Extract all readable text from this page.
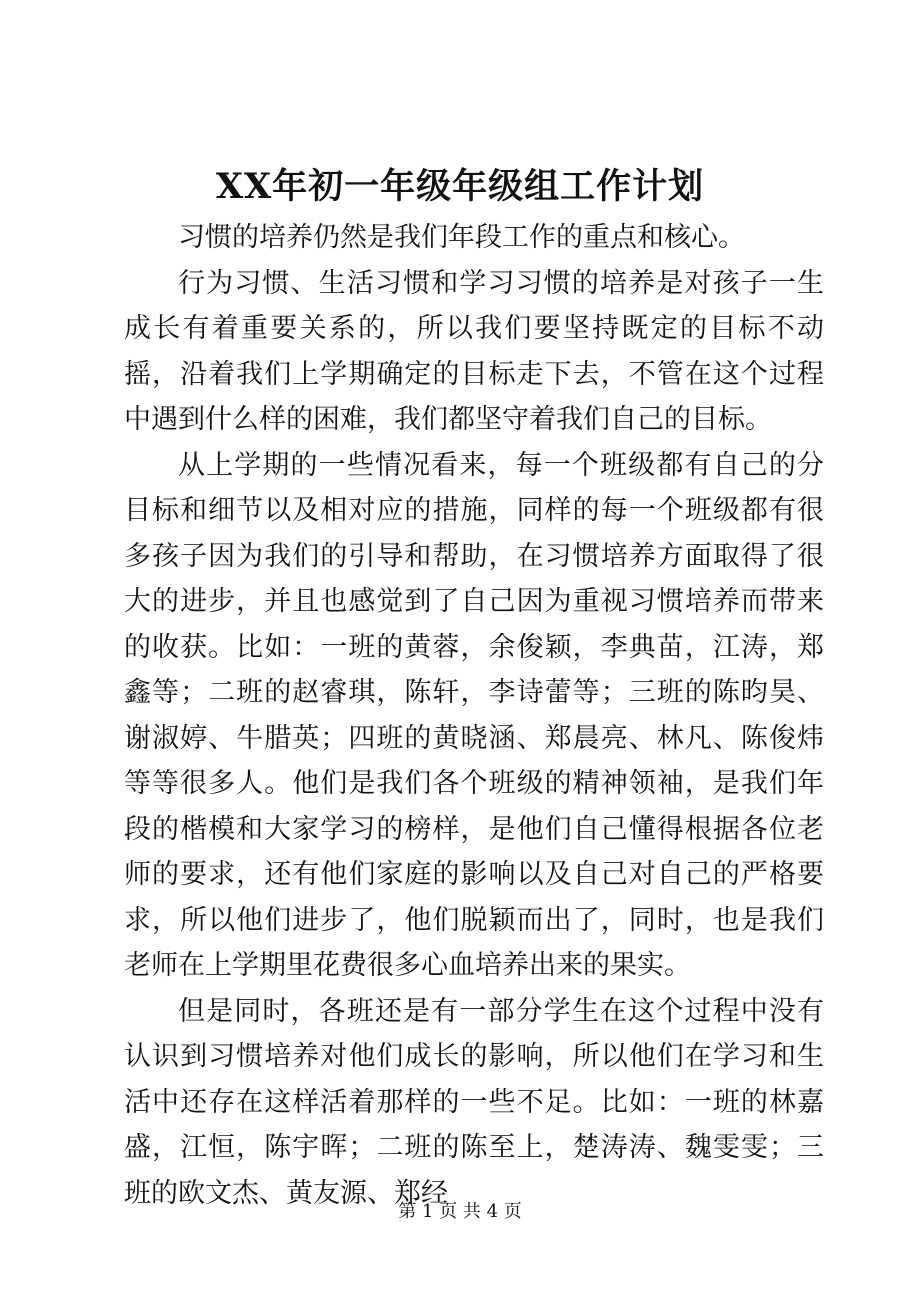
XX年初一年级年级组工作计划

习惯的培养仍然是我们年段工作的重点和核心。

行为习惯、生活习惯和学习习惯的培养是对孩子一生成长有着重要关系的，所以我们要坚持既定的目标不动摇，沿着我们上学期确定的目标走下去，不管在这个过程中遇到什么样的困难，我们都坚守着我们自己的目标。

从上学期的一些情况看来，每一个班级都有自己的分目标和细节以及相对应的措施，同样的每一个班级都有很多孩子因为我们的引导和帮助，在习惯培养方面取得了很大的进步，并且也感觉到了自己因为重视习惯培养而带来的收获。比如：一班的黄蓉，余俊颖，李典苗，江涛，郑鑫等；二班的赵睿琪，陈轩，李诗蕾等；三班的陈昀昊、谢淑婷、牛腊英；四班的黄晓涵、郑晨亮、林凡、陈俊炜等等很多人。他们是我们各个班级的精神领袖，是我们年段的楷模和大家学习的榜样，是他们自己懂得根据各位老师的要求，还有他们家庭的影响以及自己对自己的严格要求，所以他们进步了，他们脱颖而出了，同时，也是我们老师在上学期里花费很多心血培养出来的果实。

但是同时，各班还是有一部分学生在这个过程中没有认识到习惯培养对他们成长的影响，所以他们在学习和生活中还存在这样活着那样的一些不足。比如：一班的林嘉盛，江恒，陈宇晖；二班的陈至上，楚涛涛、魏雯雯；三班的欧文杰、黄友源、郑经

第 1 页 共 4 页
